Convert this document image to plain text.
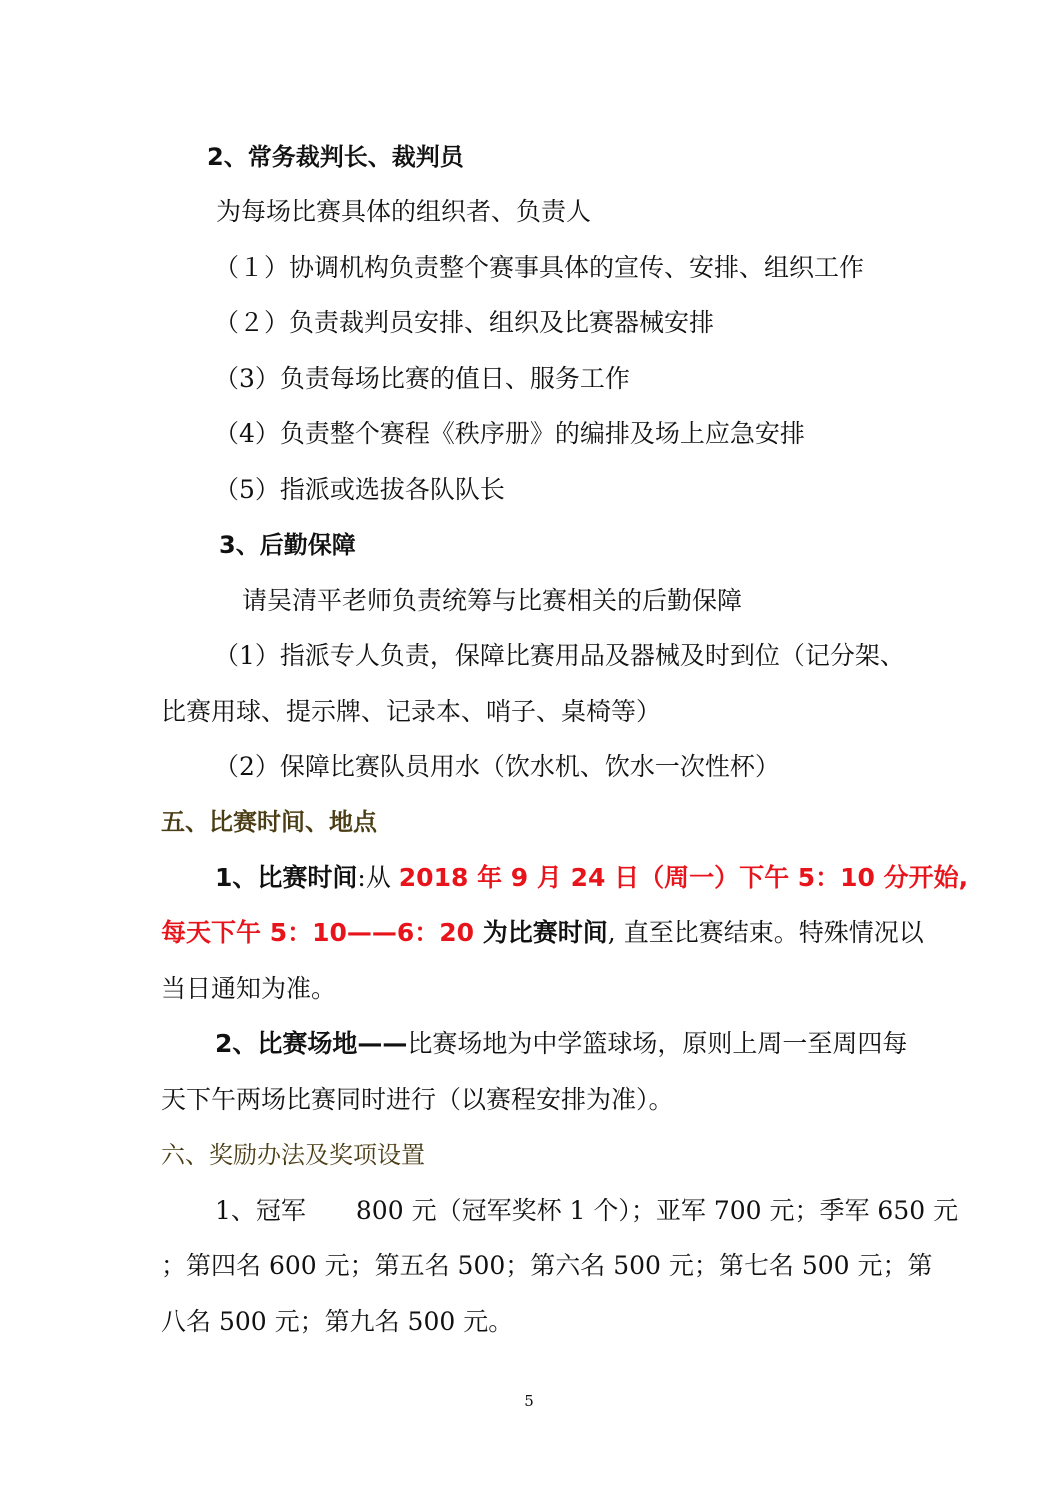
2、常务裁判长、裁判员
为每场比赛具体的组织者、负责人
（１）协调机构负责整个赛事具体的宣传、安排、组织工作
（２）负责裁判员安排、组织及比赛器械安排
（3）负责每场比赛的值日、服务工作
（4）负责整个赛程《秩序册》的编排及场上应急安排
（5）指派或选拔各队队长
3、后勤保障
请吴清平老师负责统筹与比赛相关的后勤保障
（1）指派专人负责，保障比赛用品及器械及时到位（记分架、
比赛用球、提示牌、记录本、哨子、桌椅等）
（2）保障比赛队员用水（饮水机、饮水一次性杯）
五、比赛时间、地点
1、比赛时间:从 2018 年 9 月 24 日（周一）下午 5：10 分开始,
每天下午 5：10——6：20 为比赛时间, 直至比赛结束。特殊情况以
当日通知为准。
2、比赛场地——比赛场地为中学篮球场，原则上周一至周四每
天下午两场比赛同时进行（以赛程安排为准）。
六、奖励办法及奖项设置
1、冠军　　800 元（冠军奖杯 1 个）；亚军 700 元；季军 650 元
；第四名 600 元；第五名 500；第六名 500 元；第七名 500 元；第
八名 500 元；第九名 500 元。
5
